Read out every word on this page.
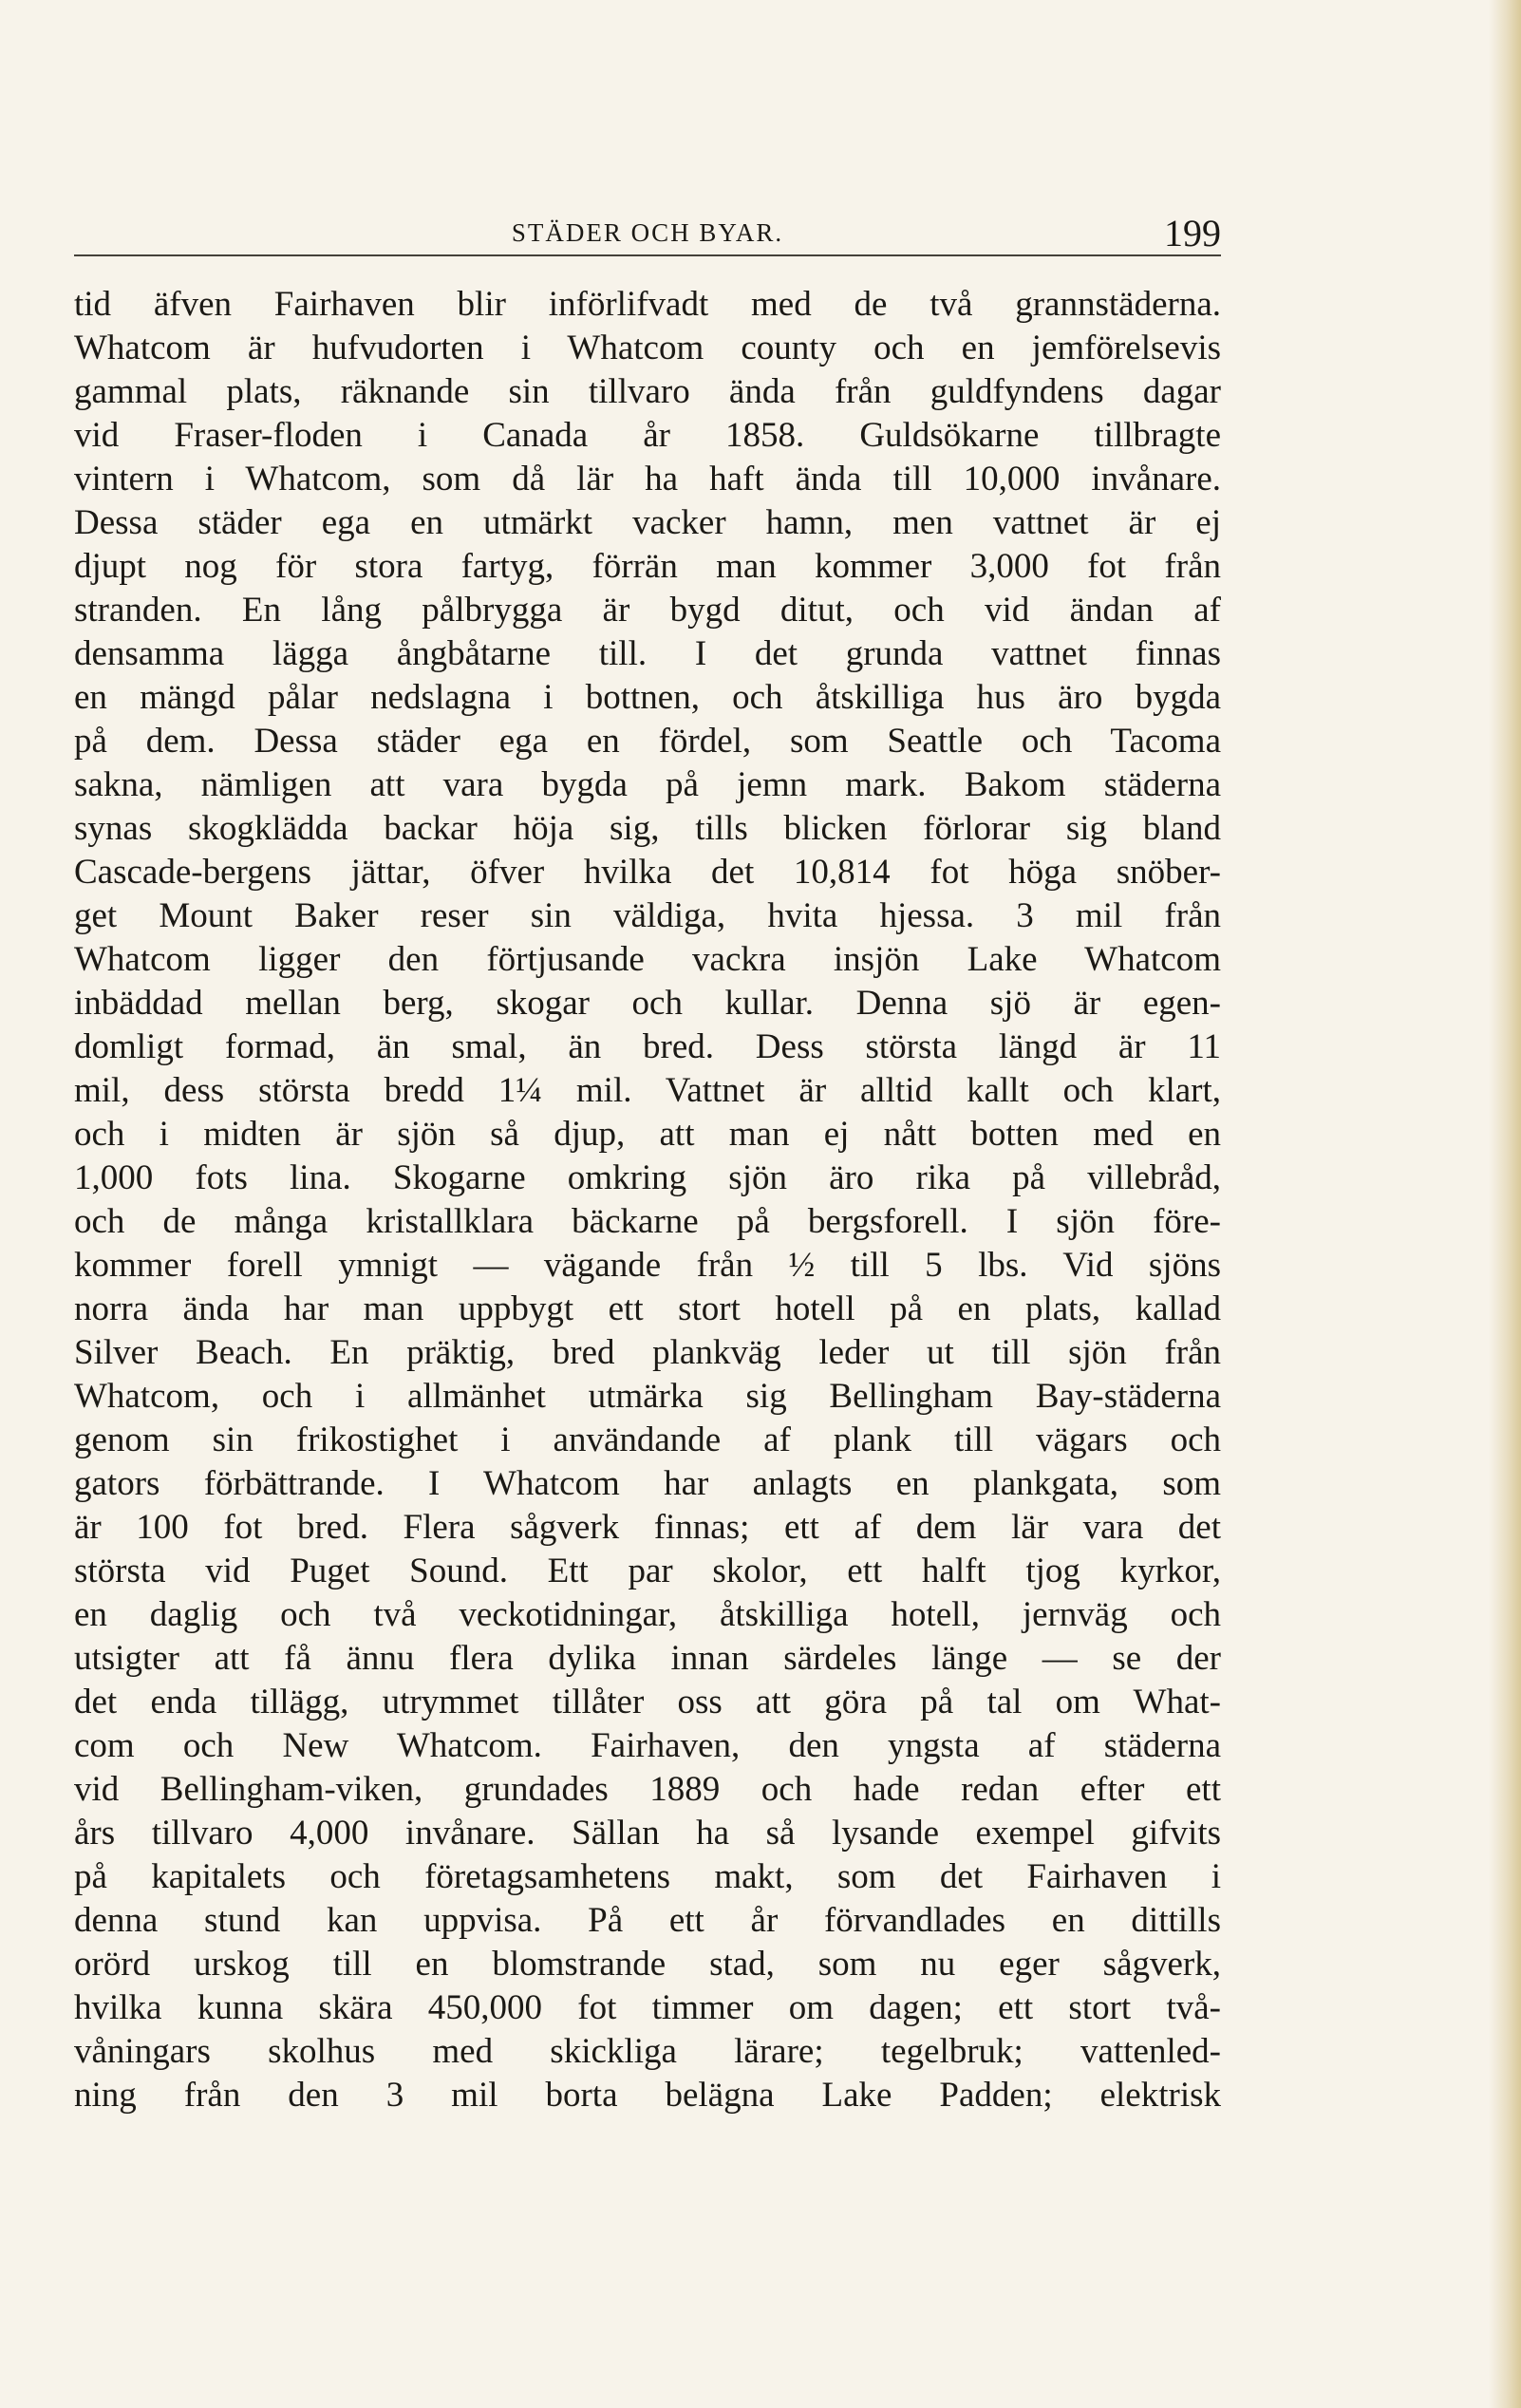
STÄDER OCH BYAR.	199
tid äfven Fairhaven blir införlifvadt med de två grannstäderna.
Whatcom är hufvudorten i Whatcom county och en jemförelsevis
gammal plats, räknande sin tillvaro ända från guldfyndens dagar
vid Fraser-floden i Canada år 1858. Guldsökarne tillbragte
vintern i Whatcom, som då lär ha haft ända till 10,000 invånare.
Dessa städer ega en utmärkt vacker hamn, men vattnet är ej
djupt nog för stora fartyg, förrän man kommer 3,000 fot från
stranden. En lång pålbrygga är bygd ditut, och vid ändan af
densamma lägga ångbåtarne till. I det grunda vattnet finnas
en mängd pålar nedslagna i bottnen, och åtskilliga hus äro bygda
på dem. Dessa städer ega en fördel, som Seattle och Tacoma
sakna, nämligen att vara bygda på jemn mark. Bakom städerna
synas skogklädda backar höja sig, tills blicken förlorar sig bland
Cascade-bergens jättar, öfver hvilka det 10,814 fot höga snöber-
get Mount Baker reser sin väldiga, hvita hjessa. 3 mil från
Whatcom ligger den förtjusande vackra insjön Lake Whatcom
inbäddad mellan berg, skogar och kullar. Denna sjö är egen-
domligt formad, än smal, än bred. Dess största längd är 11
mil, dess största bredd 1¼ mil. Vattnet är alltid kallt och klart,
och i midten är sjön så djup, att man ej nått botten med en
1,000 fots lina. Skogarne omkring sjön äro rika på villebråd,
och de många kristallklara bäckarne på bergsforell. I sjön före-
kommer forell ymnigt — vägande från ½ till 5 lbs. Vid sjöns
norra ända har man uppbygt ett stort hotell på en plats, kallad
Silver Beach. En präktig, bred plankväg leder ut till sjön från
Whatcom, och i allmänhet utmärka sig Bellingham Bay-städerna
genom sin frikostighet i användande af plank till vägars och
gators förbättrande. I Whatcom har anlagts en plankgata, som
är 100 fot bred. Flera sågverk finnas; ett af dem lär vara det
största vid Puget Sound. Ett par skolor, ett halft tjog kyrkor,
en daglig och två veckotidningar, åtskilliga hotell, jernväg och
utsigter att få ännu flera dylika innan särdeles länge — se der
det enda tillägg, utrymmet tillåter oss att göra på tal om What-
com och New Whatcom. Fairhaven, den yngsta af städerna
vid Bellingham-viken, grundades 1889 och hade redan efter ett
års tillvaro 4,000 invånare. Sällan ha så lysande exempel gifvits
på kapitalets och företagsamhetens makt, som det Fairhaven i
denna stund kan uppvisa. På ett år förvandlades en dittills
orörd urskog till en blomstrande stad, som nu eger sågverk,
hvilka kunna skära 450,000 fot timmer om dagen; ett stort två-
våningars skolhus med skickliga lärare; tegelbruk; vattenled-
ning från den 3 mil borta belägna Lake Padden; elektrisk
